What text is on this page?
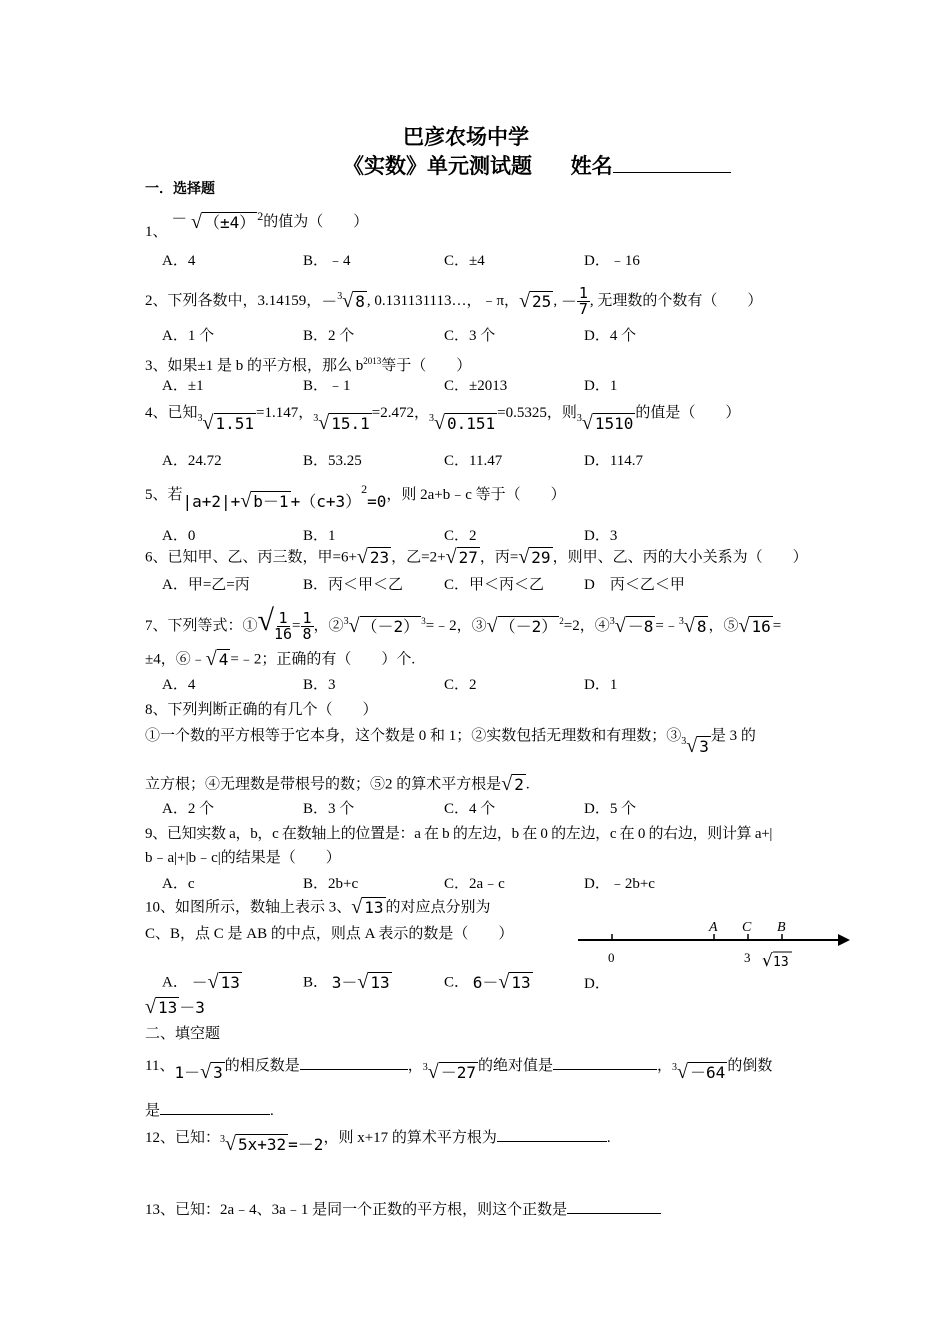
巴彦农场中学
《实数》单元测试题 姓名
一．选择题
1、 － √ （±4） $^2$的值为（　　）
A．4	B．﹣4	C．±4	D．﹣16
2、下列各数中，3.14159，－$^3$√ 8 , 0.131131113…，﹣π，√ 25 , － $\frac{1}{7}$ , 无理数的个数有（　　）
A．1 个	B．2 个	C．3 个	D．4 个
3、如果±1 是 b 的平方根，那么 $b^{2013}$等于（　　）
A．±1	B．﹣1	C．±2013	D．1
4、已知$^3$√ 1.51=1.147，$^3$√ 15.1=2.472，$^3$√ 0.151=0.5325，则$^3$√ 1510的值是（　　）
A．24.72	B．53.25	C．11.47	D．114.7
5、若|a+2|+√ $b-1 +(c+3)^2=0$，则 2a+b﹣c 等于（　　）
A．0	B．1	C．2	D．3
6、已知甲、乙、丙三数，甲=6+√ 23 ，乙=2+√ 27 ，丙=√ 29 ，则甲、乙、丙的大小关系为（　　）
A．甲=乙=丙	B．丙＜甲＜乙	C．甲＜丙＜乙	D　丙＜乙＜甲
7、下列等式：①√ $\frac{1}{16} = \frac{1}{8}$ ，②$^3$√ （－2） $^3$=﹣2，③√ （－2） $^2$=2，④$^3$√ －8 =﹣$^3$√ 8 ，⑤√ 16 =
±4，⑥﹣√ 4 =﹣2；正确的有（　　）个.
A．4	B．3	C．2	D．1
8、下列判断正确的有几个（　　）
①一个数的平方根等于它本身，这个数是 0 和 1；②实数包括无理数和有理数；③$^3$√ 3是 3 的
立方根；④无理数是带根号的数；⑤2 的算术平方根是√ 2 .
A．2 个	B．3 个	C．4 个	D．5 个
9、已知实数 a，b，c 在数轴上的位置是：a 在 b 的左边，b 在 0 的左边，c 在 0 的右边，则计算 a+|
b﹣a|+|b﹣c|的结果是（　　）
A．c	B．2b+c	C．2a﹣c	D．﹣2b+c
10、如图所示，数轴上表示 3、√ 13 的对应点分别为
C、B，点 C 是 AB 的中点，则点 A 表示的数是（　　）
0
A C B
3 √ 13
A． －√ 13	B． 3－√ 13	C． 6－√ 13	D．
√ 13 －3
二、填空题
11、1－√ 3 的相反数是	，$^3$√ －27 的绝对值是	，$^3$√ －64 的倒数
是	.
12、已知：$^3$√ 5x+32 =－2，则 x+17 的算术平方根为	.
13、已知：2a﹣4、3a﹣1 是同一个正数的平方根，则这个正数是
